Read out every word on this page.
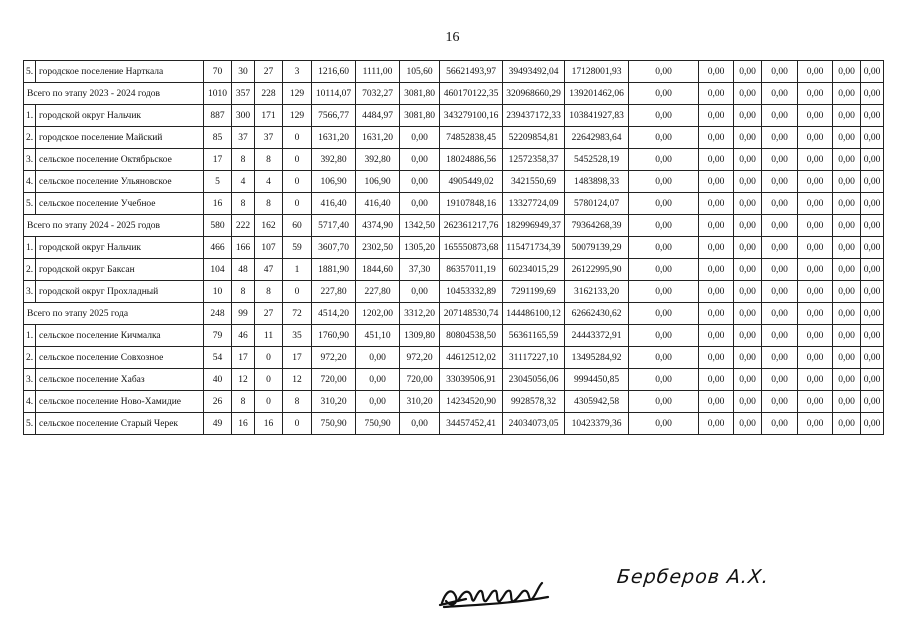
16
5.	городское поселение Нарткала	70	30	27	3	1216,60	1111,00	105,60	56621493,97	39493492,04	17128001,93	0,00	0,00	0,00	0,00	0,00	0,00	0,00
Всего по этапу 2023 - 2024 годов		1010	357	228	129	10114,07	7032,27	3081,80	460170122,35	320968660,29	139201462,06	0,00	0,00	0,00	0,00	0,00	0,00	0,00
1.	городской округ Нальчик	887	300	171	129	7566,77	4484,97	3081,80	343279100,16	239437172,33	103841927,83	0,00	0,00	0,00	0,00	0,00	0,00	0,00
2.	городское поселение Майский	85	37	37	0	1631,20	1631,20	0,00	74852838,45	52209854,81	22642983,64	0,00	0,00	0,00	0,00	0,00	0,00	0,00
3.	сельское поселение Октябрьское	17	8	8	0	392,80	392,80	0,00	18024886,56	12572358,37	5452528,19	0,00	0,00	0,00	0,00	0,00	0,00	0,00
4.	сельское поселение Ульяновское	5	4	4	0	106,90	106,90	0,00	4905449,02	3421550,69	1483898,33	0,00	0,00	0,00	0,00	0,00	0,00	0,00
5.	сельское поселение Учебное	16	8	8	0	416,40	416,40	0,00	19107848,16	13327724,09	5780124,07	0,00	0,00	0,00	0,00	0,00	0,00	0,00
Всего по этапу 2024 - 2025 годов		580	222	162	60	5717,40	4374,90	1342,50	262361217,76	182996949,37	79364268,39	0,00	0,00	0,00	0,00	0,00	0,00	0,00
1.	городской округ Нальчик	466	166	107	59	3607,70	2302,50	1305,20	165550873,68	115471734,39	50079139,29	0,00	0,00	0,00	0,00	0,00	0,00	0,00
2.	городской округ Баксан	104	48	47	1	1881,90	1844,60	37,30	86357011,19	60234015,29	26122995,90	0,00	0,00	0,00	0,00	0,00	0,00	0,00
3.	городской округ Прохладный	10	8	8	0	227,80	227,80	0,00	10453332,89	7291199,69	3162133,20	0,00	0,00	0,00	0,00	0,00	0,00	0,00
Всего по этапу 2025 года		248	99	27	72	4514,20	1202,00	3312,20	207148530,74	144486100,12	62662430,62	0,00	0,00	0,00	0,00	0,00	0,00	0,00
1.	сельское поселение Кичмалка	79	46	11	35	1760,90	451,10	1309,80	80804538,50	56361165,59	24443372,91	0,00	0,00	0,00	0,00	0,00	0,00	0,00
2.	сельское поселение Совхозное	54	17	0	17	972,20	0,00	972,20	44612512,02	31117227,10	13495284,92	0,00	0,00	0,00	0,00	0,00	0,00	0,00
3.	сельское поселение Хабаз	40	12	0	12	720,00	0,00	720,00	33039506,91	23045056,06	9994450,85	0,00	0,00	0,00	0,00	0,00	0,00	0,00
4.	сельское поселение Ново-Хамидие	26	8	0	8	310,20	0,00	310,20	14234520,90	9928578,32	4305942,58	0,00	0,00	0,00	0,00	0,00	0,00	0,00
5.	сельское поселение Старый Черек	49	16	16	0	750,90	750,90	0,00	34457452,41	24034073,05	10423379,36	0,00	0,00	0,00	0,00	0,00	0,00	0,00
Берберов А.Х.
